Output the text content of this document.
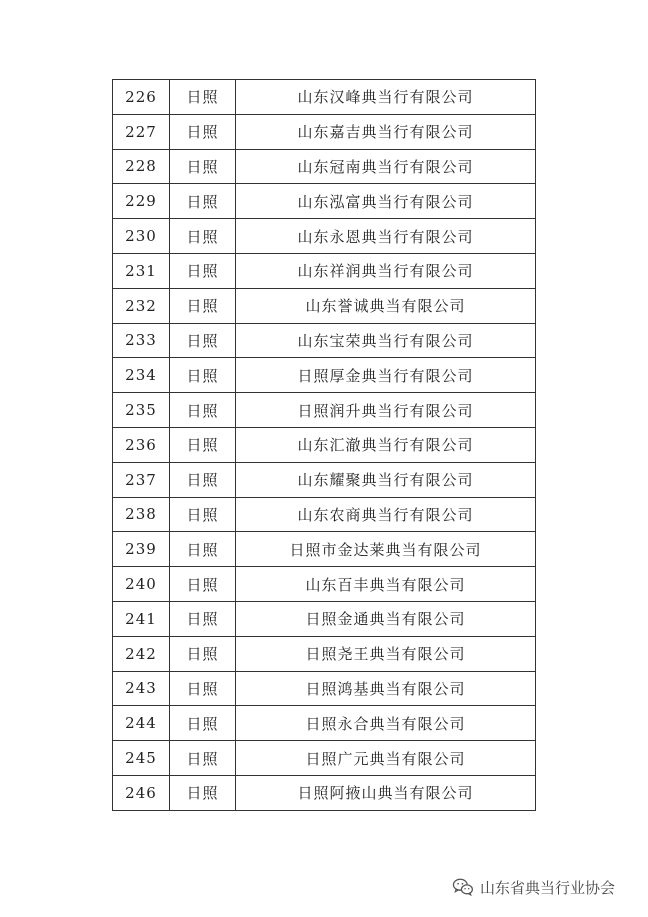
226	日照	山东汉峰典当行有限公司
227	日照	山东嘉吉典当行有限公司
228	日照	山东冠南典当行有限公司
229	日照	山东泓富典当行有限公司
230	日照	山东永恩典当行有限公司
231	日照	山东祥润典当行有限公司
232	日照	山东誉诚典当有限公司
233	日照	山东宝荣典当行有限公司
234	日照	日照厚金典当行有限公司
235	日照	日照润升典当行有限公司
236	日照	山东汇澈典当行有限公司
237	日照	山东耀聚典当行有限公司
238	日照	山东农商典当行有限公司
239	日照	日照市金达莱典当有限公司
240	日照	山东百丰典当有限公司
241	日照	日照金通典当有限公司
242	日照	日照尧王典当有限公司
243	日照	日照鸿基典当有限公司
244	日照	日照永合典当有限公司
245	日照	日照广元典当有限公司
246	日照	日照阿掖山典当有限公司
山东省典当行业协会
